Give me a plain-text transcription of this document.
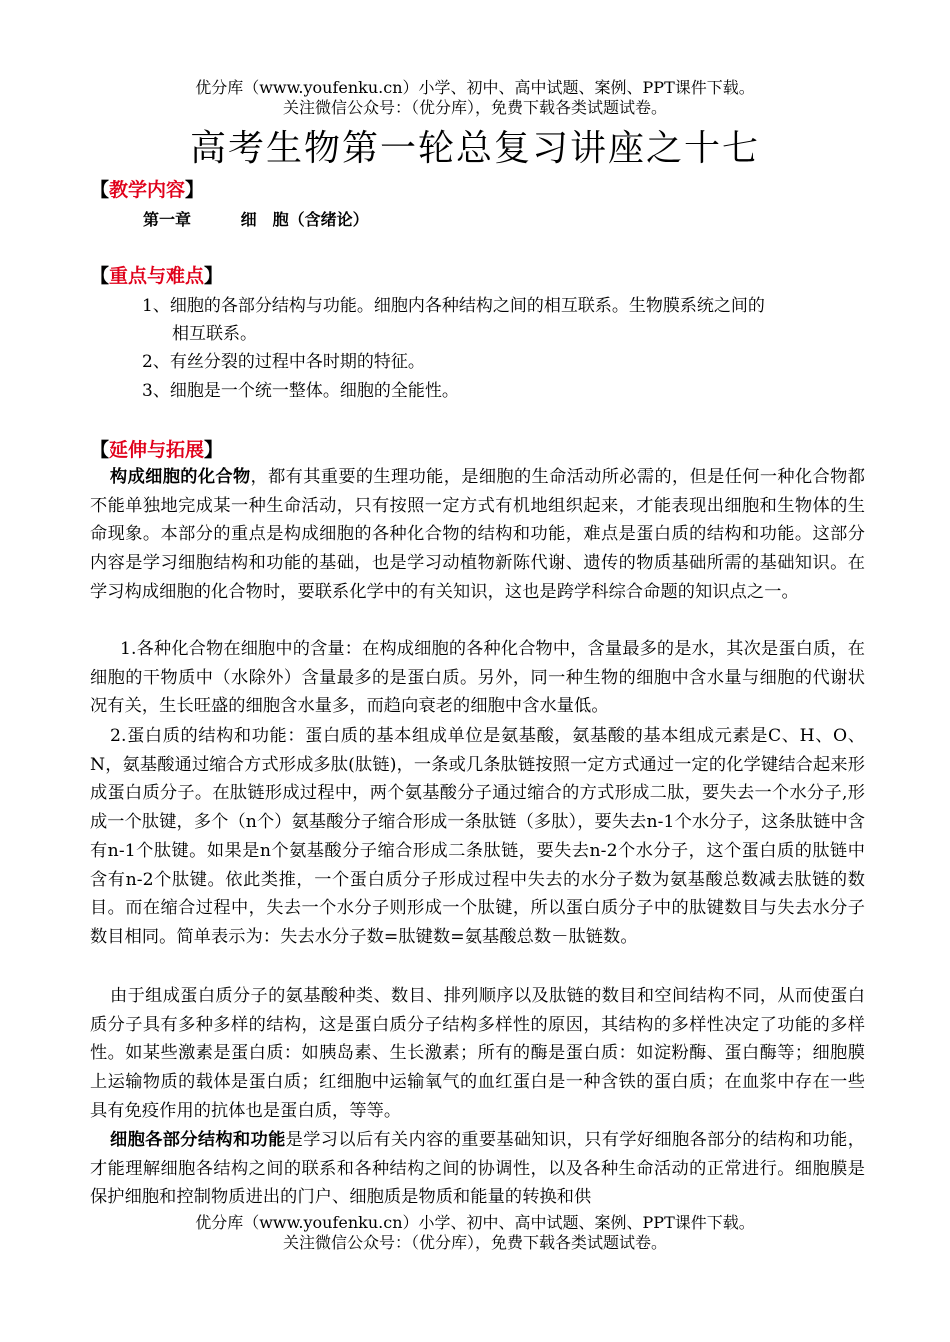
优分库（www.youfenku.cn）小学、初中、高中试题、案例、PPT课件下载。
关注微信公众号：（优分库），免费下载各类试题试卷。
高考生物第一轮总复习讲座之十七
【教学内容】
第一章	细　胞（含绪论）
【重点与难点】
1、细胞的各部分结构与功能。细胞内各种结构之间的相互联系。生物膜系统之间的
相互联系。
2、有丝分裂的过程中各时期的特征。
3、细胞是一个统一整体。细胞的全能性。
【延伸与拓展】
构成细胞的化合物，都有其重要的生理功能，是细胞的生命活动所必需的，但是任何一种化合物都不能单独地完成某一种生命活动，只有按照一定方式有机地组织起来，才能表现出细胞和生物体的生命现象。本部分的重点是构成细胞的各种化合物的结构和功能，难点是蛋白质的结构和功能。这部分内容是学习细胞结构和功能的基础，也是学习动植物新陈代谢、遗传的物质基础所需的基础知识。在学习构成细胞的化合物时，要联系化学中的有关知识，这也是跨学科综合命题的知识点之一。
1.各种化合物在细胞中的含量：在构成细胞的各种化合物中，含量最多的是水，其次是蛋白质，在细胞的干物质中（水除外）含量最多的是蛋白质。另外，同一种生物的细胞中含水量与细胞的代谢状况有关，生长旺盛的细胞含水量多，而趋向衰老的细胞中含水量低。
2.蛋白质的结构和功能：蛋白质的基本组成单位是氨基酸，氨基酸的基本组成元素是C、H、O、N，氨基酸通过缩合方式形成多肽(肽链)，一条或几条肽链按照一定方式通过一定的化学键结合起来形成蛋白质分子。在肽链形成过程中，两个氨基酸分子通过缩合的方式形成二肽，要失去一个水分子,形成一个肽键，多个（n个）氨基酸分子缩合形成一条肽链（多肽），要失去n-1个水分子，这条肽链中含有n-1个肽键。如果是n个氨基酸分子缩合形成二条肽链，要失去n-2个水分子，这个蛋白质的肽链中含有n-2个肽键。依此类推，一个蛋白质分子形成过程中失去的水分子数为氨基酸总数减去肽链的数目。而在缩合过程中，失去一个水分子则形成一个肽键，所以蛋白质分子中的肽键数目与失去水分子数目相同。简单表示为：失去水分子数=肽键数=氨基酸总数－肽链数。
由于组成蛋白质分子的氨基酸种类、数目、排列顺序以及肽链的数目和空间结构不同，从而使蛋白质分子具有多种多样的结构，这是蛋白质分子结构多样性的原因，其结构的多样性决定了功能的多样性。如某些激素是蛋白质：如胰岛素、生长激素；所有的酶是蛋白质：如淀粉酶、蛋白酶等；细胞膜上运输物质的载体是蛋白质；红细胞中运输氧气的血红蛋白是一种含铁的蛋白质；在血浆中存在一些具有免疫作用的抗体也是蛋白质，等等。
细胞各部分结构和功能是学习以后有关内容的重要基础知识，只有学好细胞各部分的结构和功能，才能理解细胞各结构之间的联系和各种结构之间的协调性，以及各种生命活动的正常进行。细胞膜是保护细胞和控制物质进出的门户、细胞质是物质和能量的转换和供
优分库（www.youfenku.cn）小学、初中、高中试题、案例、PPT课件下载。
关注微信公众号：（优分库），免费下载各类试题试卷。
